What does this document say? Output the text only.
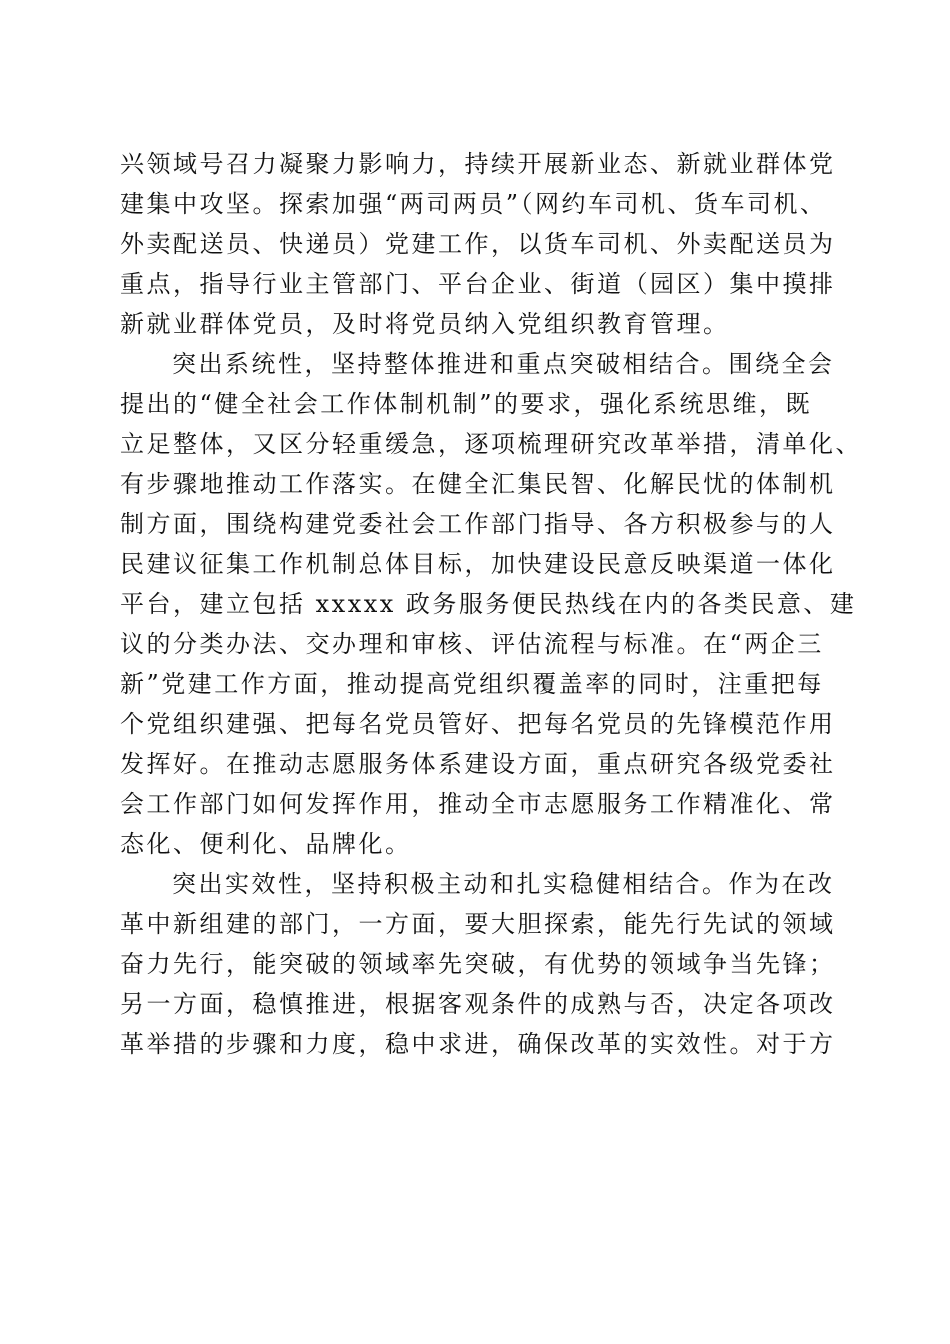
兴领域号召力凝聚力影响力，持续开展新业态、新就业群体党
建集中攻坚。探索加强“两司两员”（网约车司机、货车司机、
外卖配送员、快递员）党建工作，以货车司机、外卖配送员为
重点，指导行业主管部门、平台企业、街道（园区）集中摸排
新就业群体党员，及时将党员纳入党组织教育管理。
突出系统性，坚持整体推进和重点突破相结合。围绕全会
提出的“健全社会工作体制机制”的要求，强化系统思维，既
立足整体，又区分轻重缓急，逐项梳理研究改革举措，清单化、
有步骤地推动工作落实。在健全汇集民智、化解民忧的体制机
制方面，围绕构建党委社会工作部门指导、各方积极参与的人
民建议征集工作机制总体目标，加快建设民意反映渠道一体化
平台，建立包括 xxxxx 政务服务便民热线在内的各类民意、建
议的分类办法、交办理和审核、评估流程与标准。在“两企三
新”党建工作方面，推动提高党组织覆盖率的同时，注重把每
个党组织建强、把每名党员管好、把每名党员的先锋模范作用
发挥好。在推动志愿服务体系建设方面，重点研究各级党委社
会工作部门如何发挥作用，推动全市志愿服务工作精准化、常
态化、便利化、品牌化。
突出实效性，坚持积极主动和扎实稳健相结合。作为在改
革中新组建的部门，一方面，要大胆探索，能先行先试的领域
奋力先行，能突破的领域率先突破，有优势的领域争当先锋；
另一方面，稳慎推进，根据客观条件的成熟与否，决定各项改
革举措的步骤和力度，稳中求进，确保改革的实效性。对于方
